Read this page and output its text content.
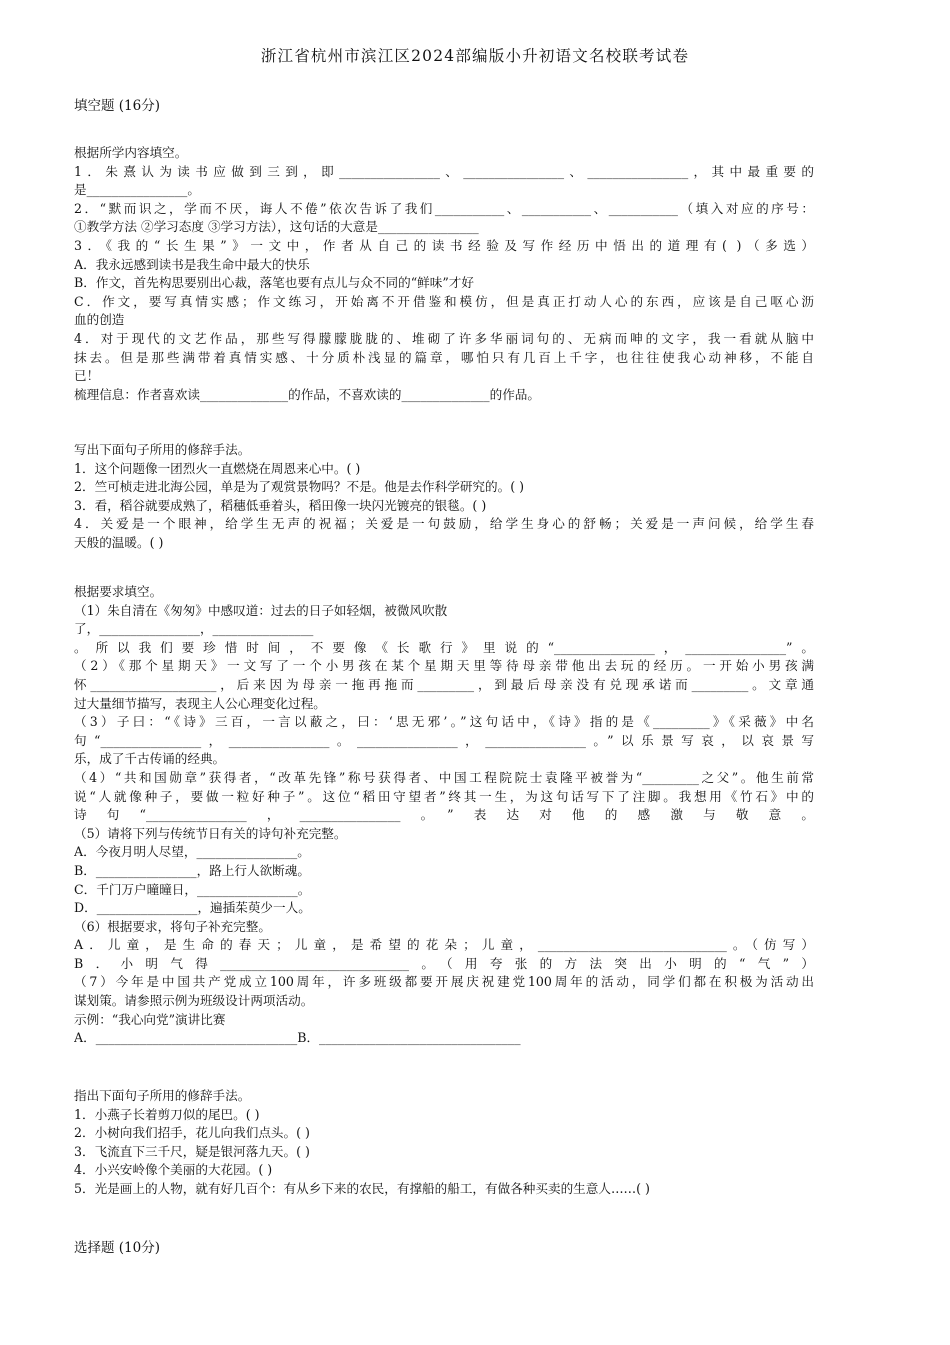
浙江省杭州市滨江区2024部编版小升初语文名校联考试卷
填空题 (16分)
根据所学内容填空。
1．朱熹认为读书应做到三到，即________________、________________、________________，其中最重要的
是________________。
2．“默而识之，学而不厌，诲人不倦”依次告诉了我们___________、___________、___________（填入对应的序号：
①教学方法 ②学习态度 ③学习方法），这句话的大意是________________
3．《我的“长生果”》一文中，作者从自己的读书经验及写作经历中悟出的道理有( )（多选）
A．我永远感到读书是我生命中最大的快乐
B．作文，首先构思要别出心裁，落笔也要有点儿与众不同的“鲜味”才好
C．作文，要写真情实感；作文练习，开始离不开借鉴和模仿，但是真正打动人心的东西，应该是自己呕心沥
血的创造
4．对于现代的文艺作品，那些写得朦朦胧胧的、堆砌了许多华丽词句的、无病而呻的文字，我一看就从脑中
抹去。但是那些满带着真情实感、十分质朴浅显的篇章，哪怕只有几百上千字，也往往使我心动神移，不能自
已！
梳理信息：作者喜欢读______________的作品，不喜欢读的______________的作品。
写出下面句子所用的修辞手法。
1．这个问题像一团烈火一直燃烧在周恩来心中。( )
2．竺可桢走进北海公园，单是为了观赏景物吗？不是。他是去作科学研究的。( )
3．看，稻谷就要成熟了，稻穗低垂着头，稻田像一块闪光镀亮的银毯。( )
4．关爱是一个眼神，给学生无声的祝福；关爱是一句鼓励，给学生身心的舒畅；关爱是一声问候，给学生春
天般的温暖。( )
根据要求填空。
（1）朱自清在《匆匆》中感叹道：过去的日子如轻烟，被微风吹散
了，________________，________________
。所以我们要珍惜时间，不要像《长歌行》里说的“________________，________________”。
（2）《那个星期天》一文写了一个小男孩在某个星期天里等待母亲带他出去玩的经历。一开始小男孩满
怀____________________，后来因为母亲一拖再拖而_________，到最后母亲没有兑现承诺而_________。文章通
过大量细节描写，表现主人公心理变化过程。
（3）子曰：“《诗》三百，一言以蔽之，曰：‘思无邪’。”这句话中，《诗》指的是《_________》《采薇》中名
句“________________，________________。________________，________________。”以乐景写哀，以哀景写
乐，成了千古传诵的经典。
（4）“共和国勋章”获得者，“改革先锋”称号获得者、中国工程院院士袁隆平被誉为“_________之父”。他生前常
说“人就像种子，要做一粒好种子”。这位“稻田守望者”终其一生，为这句话写下了注脚。我想用《竹石》中的
诗句“________________，________________。”表达对他的感激与敬意。
（5）请将下列与传统节日有关的诗句补充完整。
A．今夜月明人尽望，________________。
B．________________，路上行人欲断魂。
C．千门万户曈曈日，________________。
D．________________，遍插茱萸少一人。
（6）根据要求，将句子补充完整。
A．儿童，是生命的春天；儿童，是希望的花朵；儿童，______________________________。（仿写）
B．小明气得______________________________。（用夸张的方法突出小明的“气”）
（7）今年是中国共产党成立100周年，许多班级都要开展庆祝建党100周年的活动，同学们都在积极为活动出
谋划策。请参照示例为班级设计两项活动。
示例：“我心向党”演讲比赛
A．________________________________B．________________________________
指出下面句子所用的修辞手法。
1．小燕子长着剪刀似的尾巴。( )
2．小树向我们招手，花儿向我们点头。( )
3．飞流直下三千尺，疑是银河落九天。( )
4．小兴安岭像个美丽的大花园。( )
5．光是画上的人物，就有好几百个：有从乡下来的农民，有撑船的船工，有做各种买卖的生意人……( )
选择题 (10分)
